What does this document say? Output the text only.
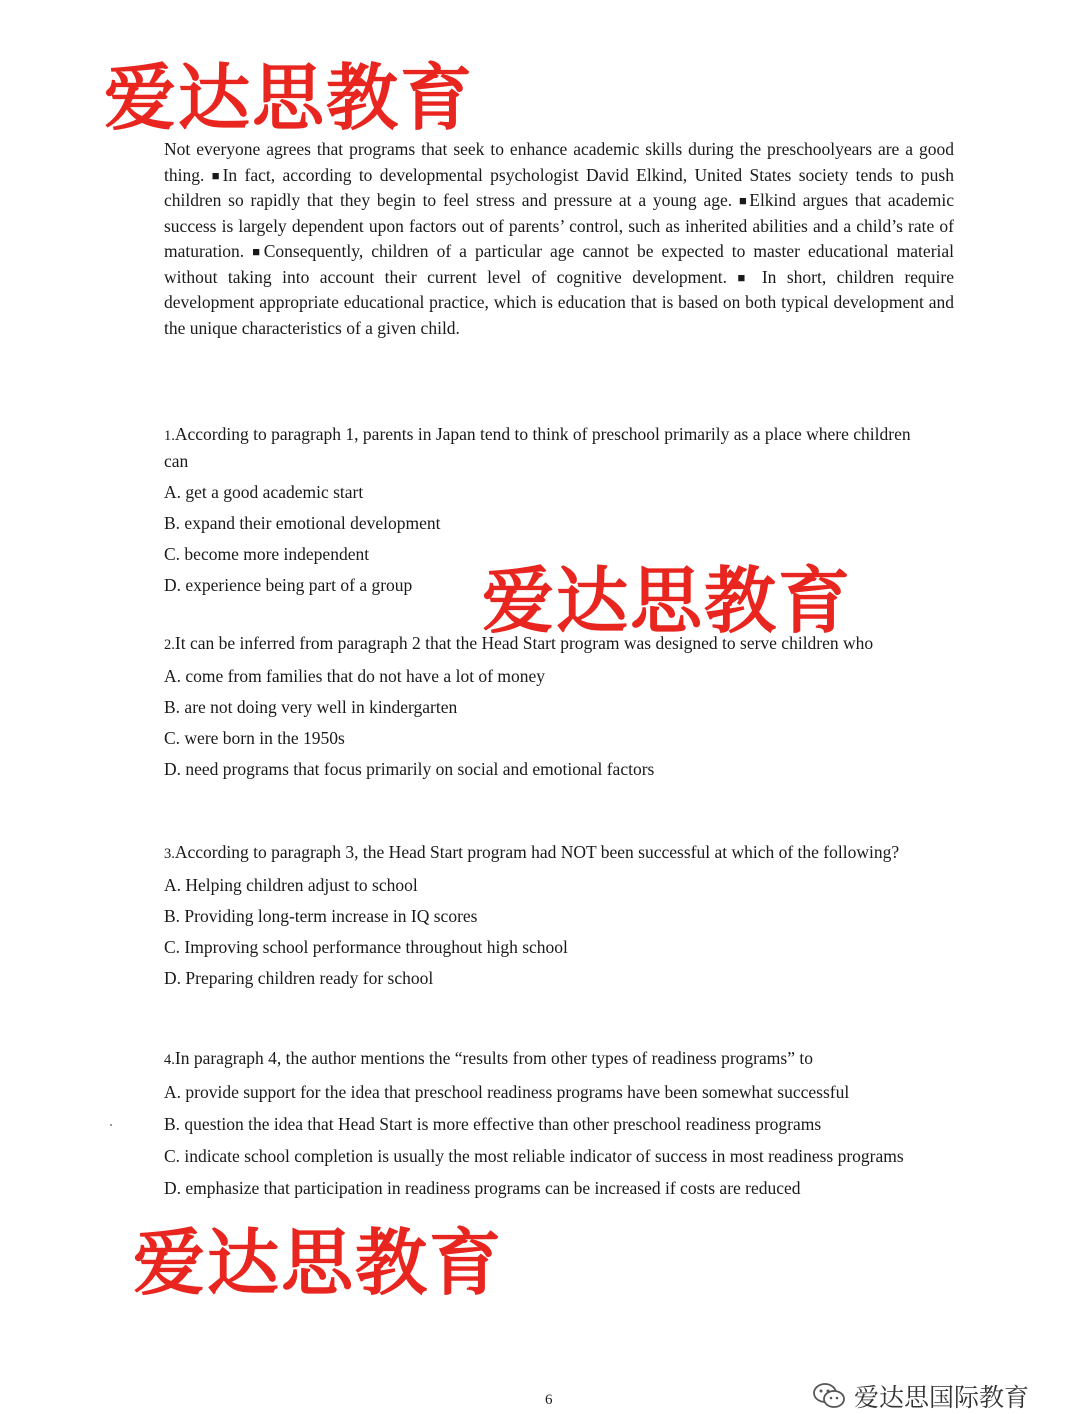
爱达思教育

Not everyone agrees that programs that seek to enhance academic skills during the preschoolyears are a good thing. ■In fact, according to developmental psychologist David Elkind, United States society tends to push children so rapidly that they begin to feel stress and pressure at a young age. ■Elkind argues that academic success is largely dependent upon factors out of parents’ control, such as inherited abilities and a child’s rate of maturation. ■Consequently, children of a particular age cannot be expected to master educational material without taking into account their current level of cognitive development. ■ In short, children require development appropriate educational practice, which is education that is based on both typical development and the unique characteristics of a given child.

1.According to paragraph 1, parents in Japan tend to think of preschool primarily as a place where children can

A. get a good academic start

B. expand their emotional development

C. become more independent

D. experience being part of a group

2.It can be inferred from paragraph 2 that the Head Start program was designed to serve children who

A. come from families that do not have a lot of money

B. are not doing very well in kindergarten

C. were born in the 1950s

D. need programs that focus primarily on social and emotional factors

3.According to paragraph 3, the Head Start program had NOT been successful at which of the following?

A. Helping children adjust to school

B. Providing long-term increase in IQ scores

C. Improving school performance throughout high school

D. Preparing children ready for school

4.In paragraph 4, the author mentions the “results from other types of readiness programs” to

A. provide support for the idea that preschool readiness programs have been somewhat successful

B. question the idea that Head Start is more effective than other preschool readiness programs

C. indicate school completion is usually the most reliable indicator of success in most readiness programs

D. emphasize that participation in readiness programs can be increased if costs are reduced

爱达思教育
爱达思教育
6	爱达思国际教育
